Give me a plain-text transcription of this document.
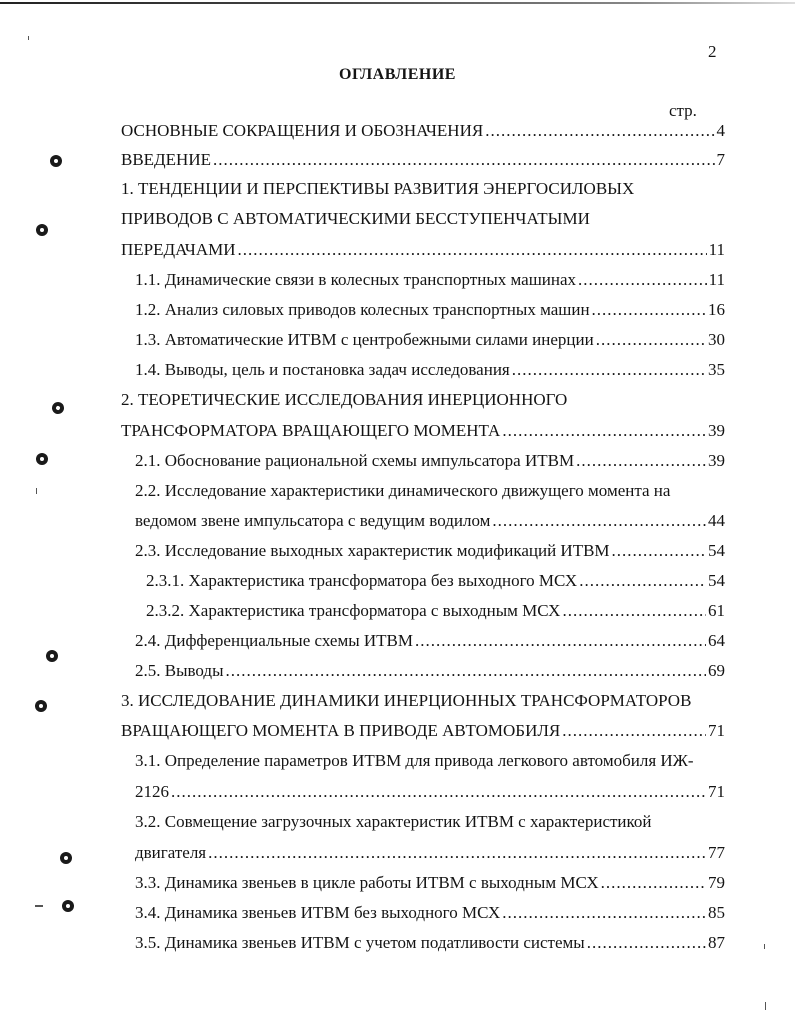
2
ОГЛАВЛЕНИЕ
стр.
ОСНОВНЫЕ СОКРАЩЕНИЯ И ОБОЗНАЧЕНИЯ .....	4
ВВЕДЕНИЕ .....	7
1. ТЕНДЕНЦИИ И ПЕРСПЕКТИВЫ РАЗВИТИЯ ЭНЕРГОСИЛОВЫХ
ПРИВОДОВ С АВТОМАТИЧЕСКИМИ БЕССТУПЕНЧАТЫМИ
ПЕРЕДАЧАМИ .....	11
1.1. Динамические связи в колесных транспортных машинах .....	11
1.2. Анализ силовых приводов колесных транспортных машин .....	16
1.3. Автоматические ИТВМ с центробежными силами инерции .....	30
1.4. Выводы, цель и постановка задач исследования .....	35
2. ТЕОРЕТИЧЕСКИЕ ИССЛЕДОВАНИЯ ИНЕРЦИОННОГО
ТРАНСФОРМАТОРА ВРАЩАЮЩЕГО МОМЕНТА .....	39
2.1. Обоснование рациональной схемы импульсатора ИТВМ .....	39
2.2. Исследование характеристики динамического движущего момента на
ведомом звене импульсатора с ведущим водилом .....	44
2.3. Исследование выходных характеристик модификаций ИТВМ .....	54
2.3.1. Характеристика трансформатора без выходного МСХ .....	54
2.3.2. Характеристика трансформатора с выходным МСХ .....	61
2.4. Дифференциальные схемы ИТВМ .....	64
2.5. Выводы .....	69
3. ИССЛЕДОВАНИЕ ДИНАМИКИ ИНЕРЦИОННЫХ ТРАНСФОРМАТОРОВ
ВРАЩАЮЩЕГО МОМЕНТА В ПРИВОДЕ АВТОМОБИЛЯ .....	71
3.1. Определение параметров ИТВМ для привода легкового автомобиля ИЖ-
2126 .....	71
3.2. Совмещение загрузочных характеристик ИТВМ с характеристикой
двигателя .....	77
3.3. Динамика звеньев в цикле работы ИТВМ с выходным МСХ .....	79
3.4. Динамика звеньев ИТВМ без выходного МСХ .....	85
3.5. Динамика звеньев ИТВМ с учетом податливости системы .....	87
